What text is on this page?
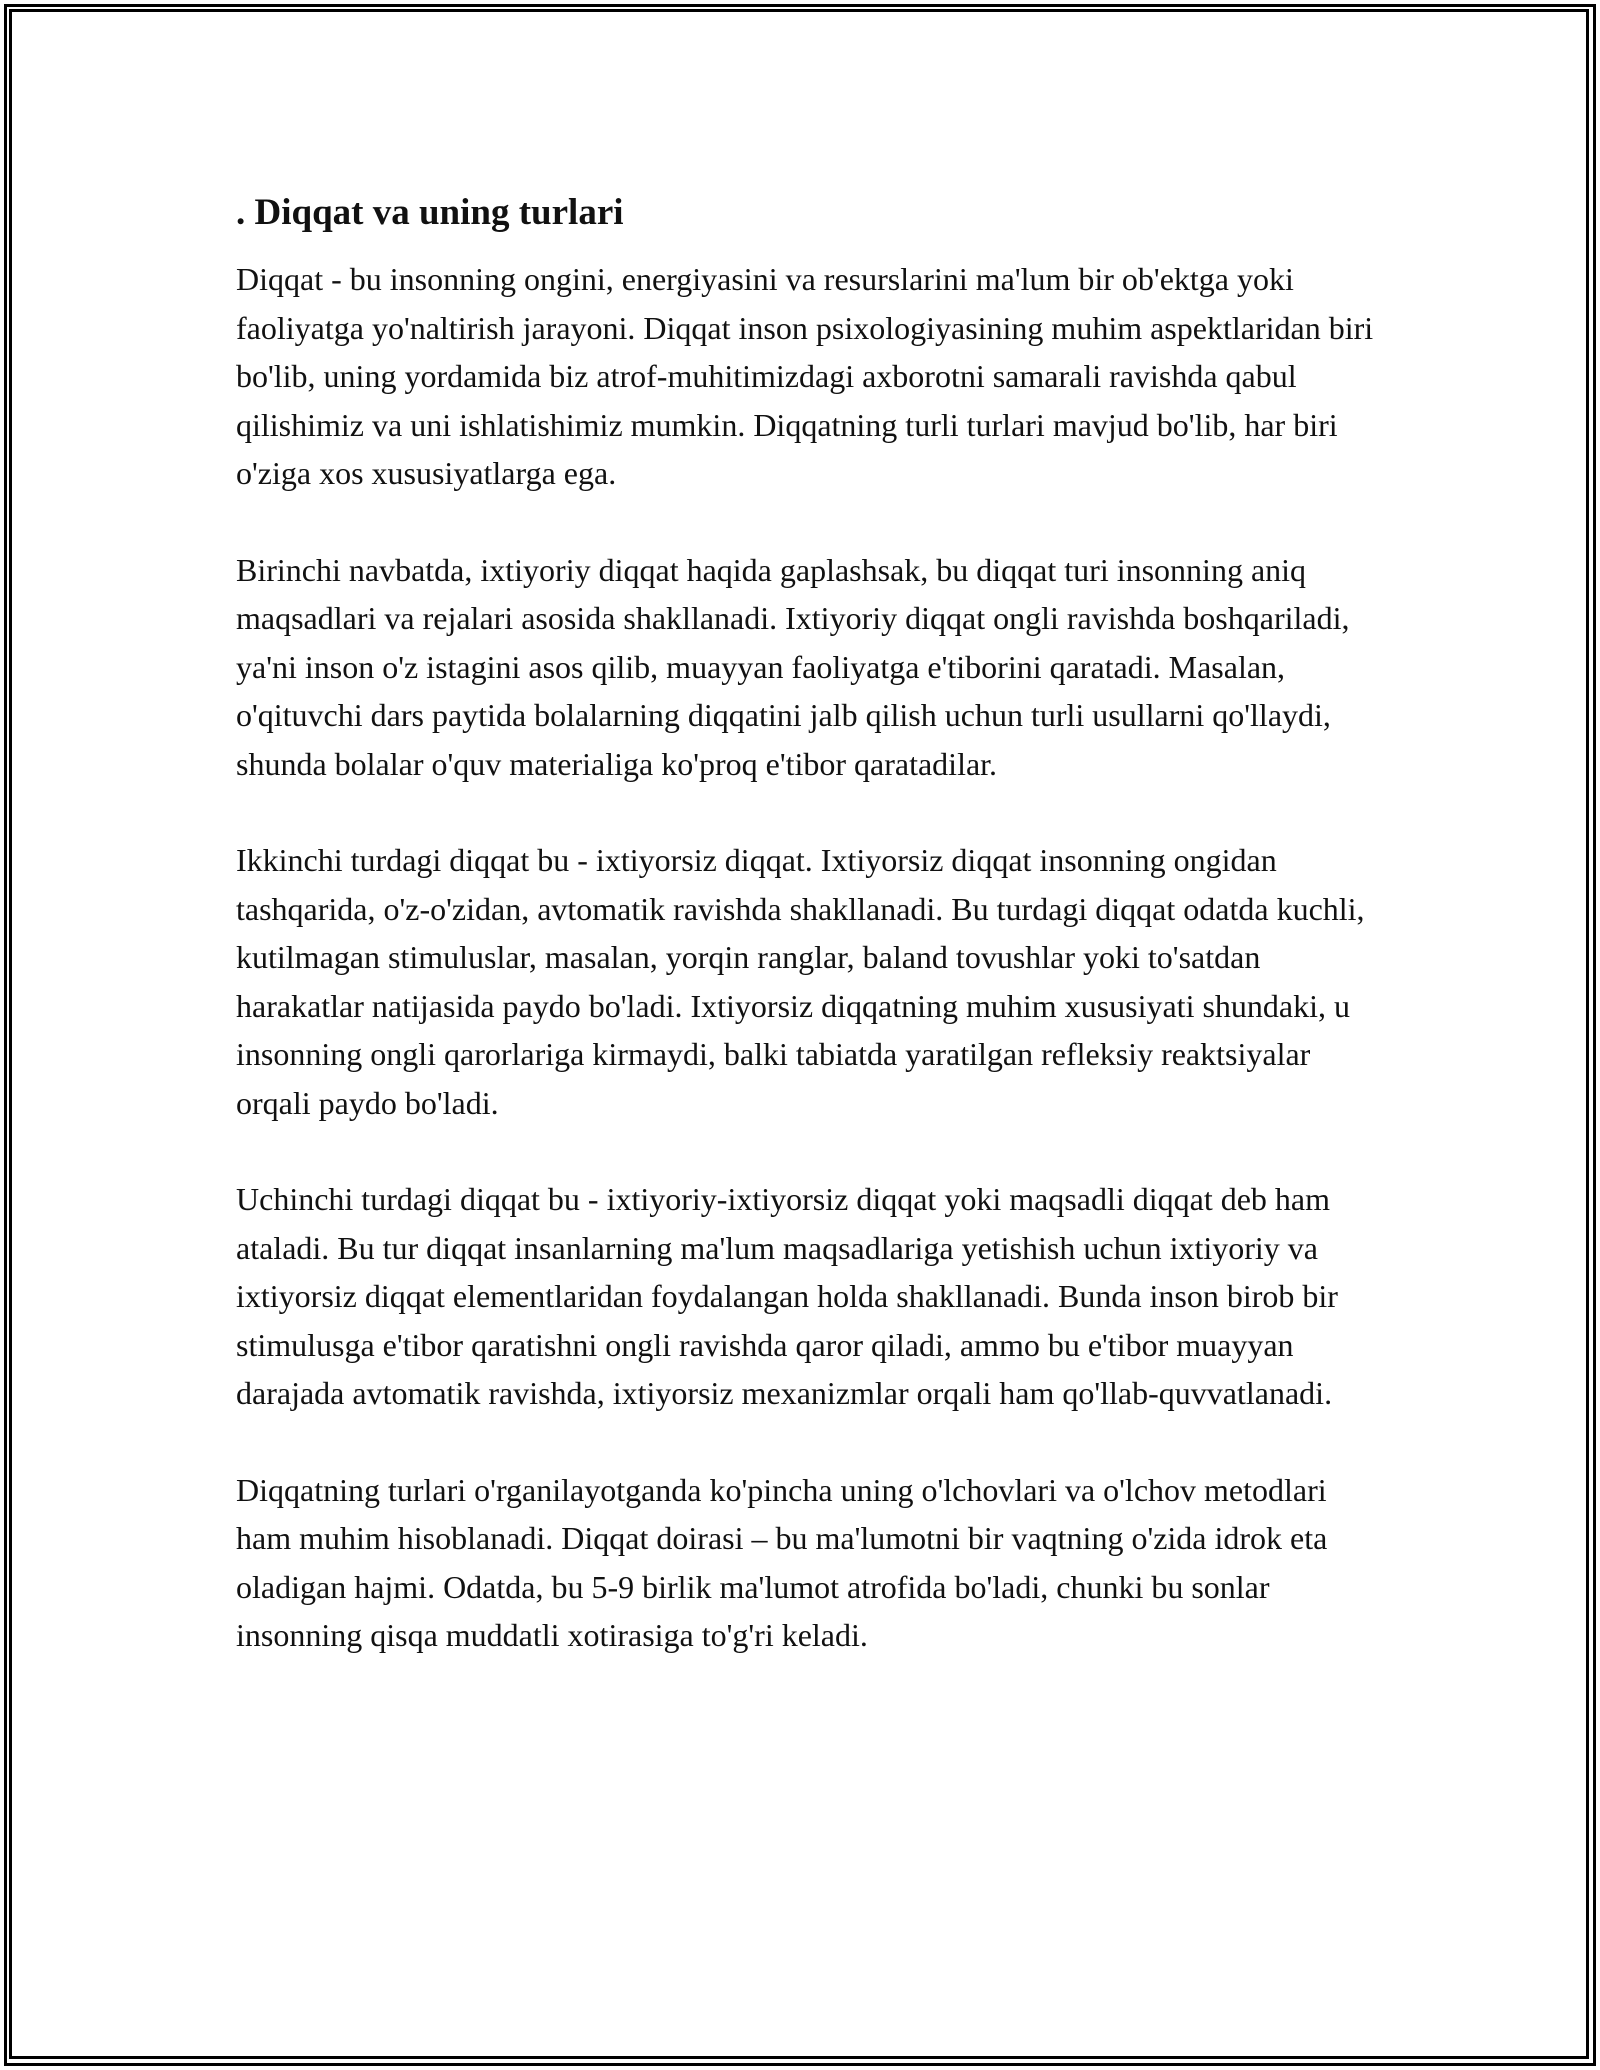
. Diqqat va uning turlari

Diqqat - bu insonning ongini, energiyasini va resurslarini ma'lum bir ob'ektga yoki faoliyatga yo'naltirish jarayoni. Diqqat inson psixologiyasining muhim aspektlaridan biri bo'lib, uning yordamida biz atrof-muhitimizdagi axborotni samarali ravishda qabul qilishimiz va uni ishlatishimiz mumkin. Diqqatning turli turlari mavjud bo'lib, har biri o'ziga xos xususiyatlarga ega.

Birinchi navbatda, ixtiyoriy diqqat haqida gaplashsak, bu diqqat turi insonning aniq maqsadlari va rejalari asosida shakllanadi. Ixtiyoriy diqqat ongli ravishda boshqariladi, ya'ni inson o'z istagini asos qilib, muayyan faoliyatga e'tiborini qaratadi. Masalan, o'qituvchi dars paytida bolalarning diqqatini jalb qilish uchun turli usullarni qo'llaydi, shunda bolalar o'quv materialiga ko'proq e'tibor qaratadilar.

Ikkinchi turdagi diqqat bu - ixtiyorsiz diqqat. Ixtiyorsiz diqqat insonning ongidan tashqarida, o'z-o'zidan, avtomatik ravishda shakllanadi. Bu turdagi diqqat odatda kuchli, kutilmagan stimuluslar, masalan, yorqin ranglar, baland tovushlar yoki to'satdan harakatlar natijasida paydo bo'ladi. Ixtiyorsiz diqqatning muhim xususiyati shundaki, u insonning ongli qarorlariga kirmaydi, balki tabiatda yaratilgan refleksiy reaktsiyalar orqali paydo bo'ladi.

Uchinchi turdagi diqqat bu - ixtiyoriy-ixtiyorsiz diqqat yoki maqsadli diqqat deb ham ataladi. Bu tur diqqat insanlarning ma'lum maqsadlariga yetishish uchun ixtiyoriy va ixtiyorsiz diqqat elementlaridan foydalangan holda shakllanadi. Bunda inson birob bir stimulusga e'tibor qaratishni ongli ravishda qaror qiladi, ammo bu e'tibor muayyan darajada avtomatik ravishda, ixtiyorsiz mexanizmlar orqali ham qo'llab-quvvatlanadi.

Diqqatning turlari o'rganilayotganda ko'pincha uning o'lchovlari va o'lchov metodlari ham muhim hisoblanadi. Diqqat doirasi – bu ma'lumotni bir vaqtning o'zida idrok eta oladigan hajmi. Odatda, bu 5-9 birlik ma'lumot atrofida bo'ladi, chunki bu sonlar insonning qisqa muddatli xotirasiga to'g'ri keladi.
